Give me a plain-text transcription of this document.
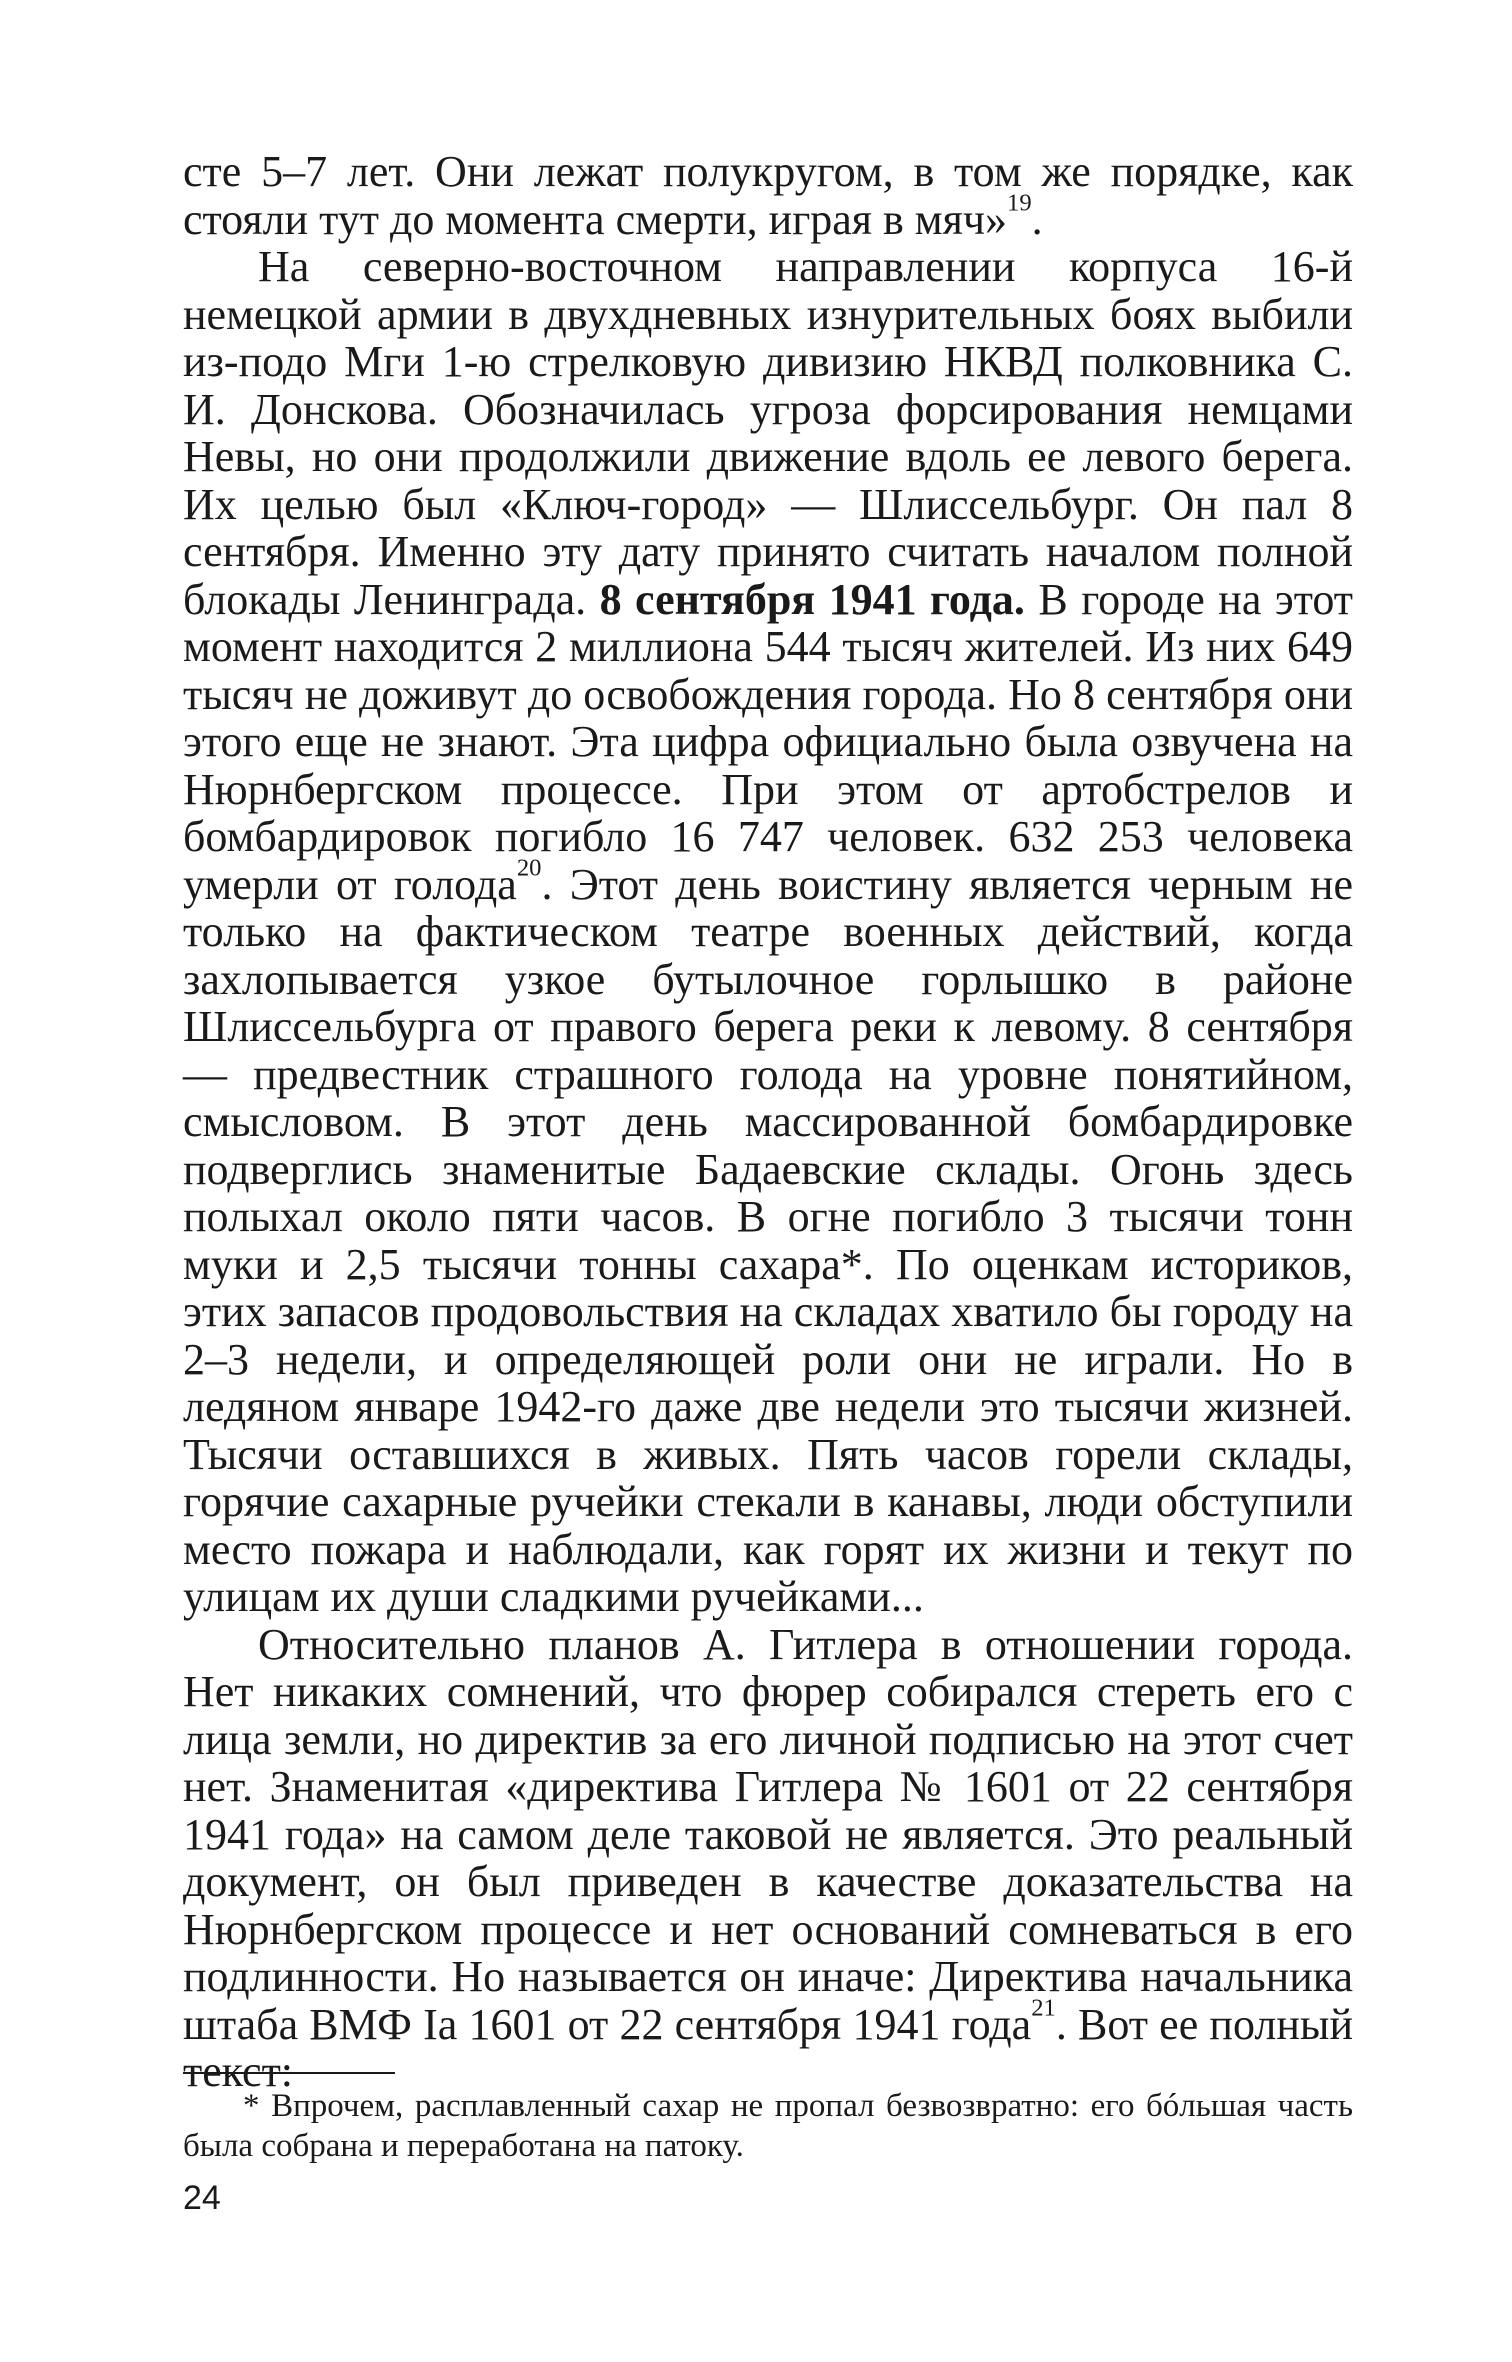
сте 5–7 лет. Они лежат полукругом, в том же порядке, как стояли тут до момента смерти, играя в мяч»$^{19}$.

На северно-восточном направлении корпуса 16-й немецкой армии в двухдневных изнурительных боях выбили из-подо Мги 1-ю стрелковую дивизию НКВД полковника С. И. Донскова. Обозначилась угроза форсирования немцами Невы, но они продолжили движение вдоль ее левого берега. Их целью был «Ключ-город» — Шлиссельбург. Он пал 8 сентября. Именно эту дату принято считать началом полной блокады Ленинграда. 8 сентября 1941 года. В городе на этот момент находится 2 миллиона 544 тысяч жителей. Из них 649 тысяч не доживут до освобождения города. Но 8 сентября они этого еще не знают. Эта цифра официально была озвучена на Нюрнбергском процессе. При этом от артобстрелов и бомбардировок погибло 16 747 человек. 632 253 человека умерли от голода$^{20}$. Этот день воистину является черным не только на фактическом театре военных действий, когда захлопывается узкое бутылочное горлышко в районе Шлиссельбурга от правого берега реки к левому. 8 сентября — предвестник страшного голода на уровне понятийном, смысловом. В этот день массированной бомбардировке подверглись знаменитые Бадаевские склады. Огонь здесь полыхал около пяти часов. В огне погибло 3 тысячи тонн муки и 2,5 тысячи тонны сахара*. По оценкам историков, этих запасов продовольствия на складах хватило бы городу на 2–3 недели, и определяющей роли они не играли. Но в ледяном январе 1942-го даже две недели это тысячи жизней. Тысячи оставшихся в живых. Пять часов горели склады, горячие сахарные ручейки стекали в канавы, люди обступили место пожара и наблюдали, как горят их жизни и текут по улицам их души сладкими ручейками...

Относительно планов А. Гитлера в отношении города. Нет никаких сомнений, что фюрер собирался стереть его с лица земли, но директив за его личной подписью на этот счет нет. Знаменитая «директива Гитлера № 1601 от 22 сентября 1941 года» на самом деле таковой не является. Это реальный документ, он был приведен в качестве доказательства на Нюрнбергском процессе и нет оснований сомневаться в его подлинности. Но называется он иначе: Директива начальника штаба ВМФ Ia 1601 от 22 сентября 1941 года$^{21}$. Вот ее полный текст:

* Впрочем, расплавленный сахар не пропал безвозвратно: его бóльшая часть была собрана и переработана на патоку.

24
